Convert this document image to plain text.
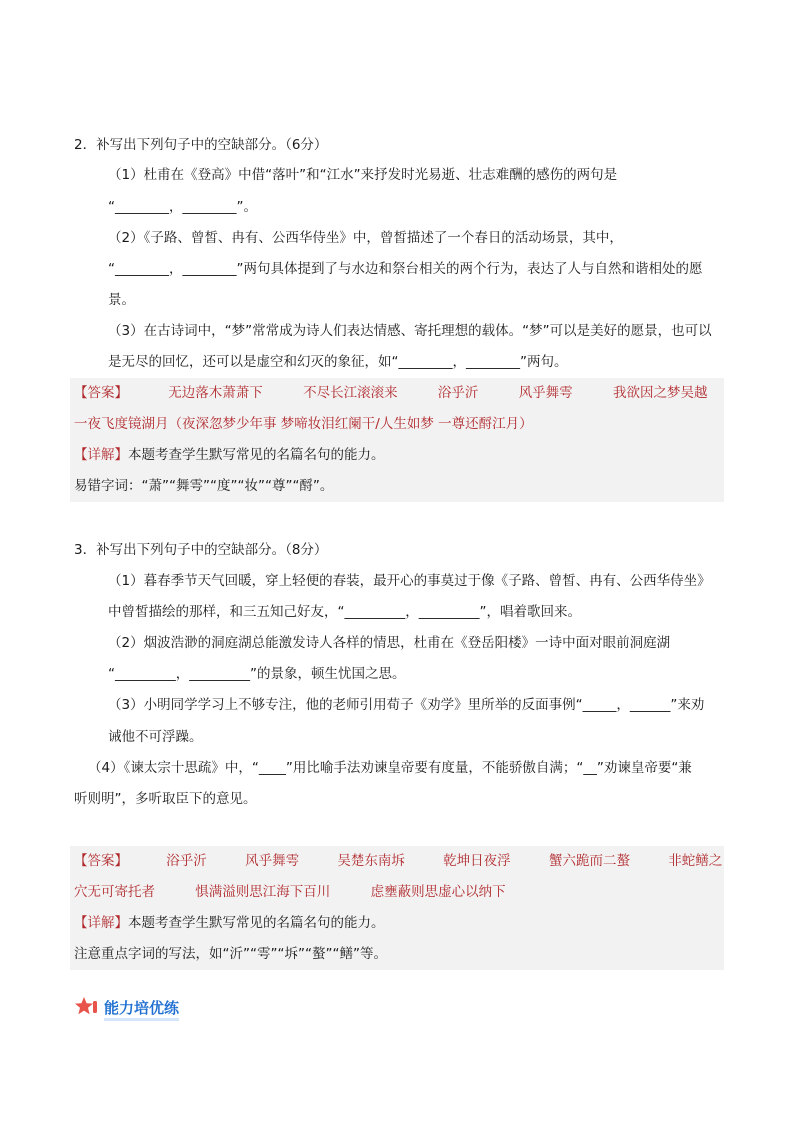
2．补写出下列句子中的空缺部分。（6分）
（1）杜甫在《登高》中借“落叶”和“江水”来抒发时光易逝、壮志难酬的感伤的两句是
“________，________”。
（2）《子路、曾皙、冉有、公西华侍坐》中，曾皙描述了一个春日的活动场景，其中，
“________，________”两句具体提到了与水边和祭台相关的两个行为，表达了人与自然和谐相处的愿
景。
（3）在古诗词中，“梦”常常成为诗人们表达情感、寄托理想的载体。“梦”可以是美好的愿景，也可以
是无尽的回忆，还可以是虚空和幻灭的象征，如“________，________”两句。
【答案】	无边落木萧萧下	不尽长江滚滚来	浴乎沂	风乎舞雩	我欲因之梦吴越
一夜飞度镜湖月（夜深忽梦少年事 梦啼妆泪红阑干/人生如梦 一尊还酹江月）
【详解】本题考查学生默写常见的名篇名句的能力。
易错字词：“萧”“舞雩”“度”“妆”“尊”“酹”。
3．补写出下列句子中的空缺部分。（8分）
（1）暮春季节天气回暖，穿上轻便的春装，最开心的事莫过于像《子路、曾皙、冉有、公西华侍坐》
中曾皙描绘的那样，和三五知己好友，“_________，_________”，唱着歌回来。
（2）烟波浩渺的洞庭湖总能激发诗人各样的情思，杜甫在《登岳阳楼》一诗中面对眼前洞庭湖
“_________，_________”的景象，顿生忧国之思。
（3）小明同学学习上不够专注，他的老师引用荀子《劝学》里所举的反面事例“_____，______”来劝
诫他不可浮躁。
（4）《谏太宗十思疏》中，“____”用比喻手法劝谏皇帝要有度量，不能骄傲自满；“__”劝谏皇帝要“兼
听则明”，多听取臣下的意见。
【答案】	浴乎沂	风乎舞雩	吴楚东南坼	乾坤日夜浮	蟹六跪而二螯	非蛇鳝之
穴无可寄托者	惧满溢则思江海下百川	虑壅蔽则思虚心以纳下
【详解】本题考查学生默写常见的名篇名句的能力。
注意重点字词的写法，如“沂”“雩”“坼”“螯”“鳝”等。
能力培优练
